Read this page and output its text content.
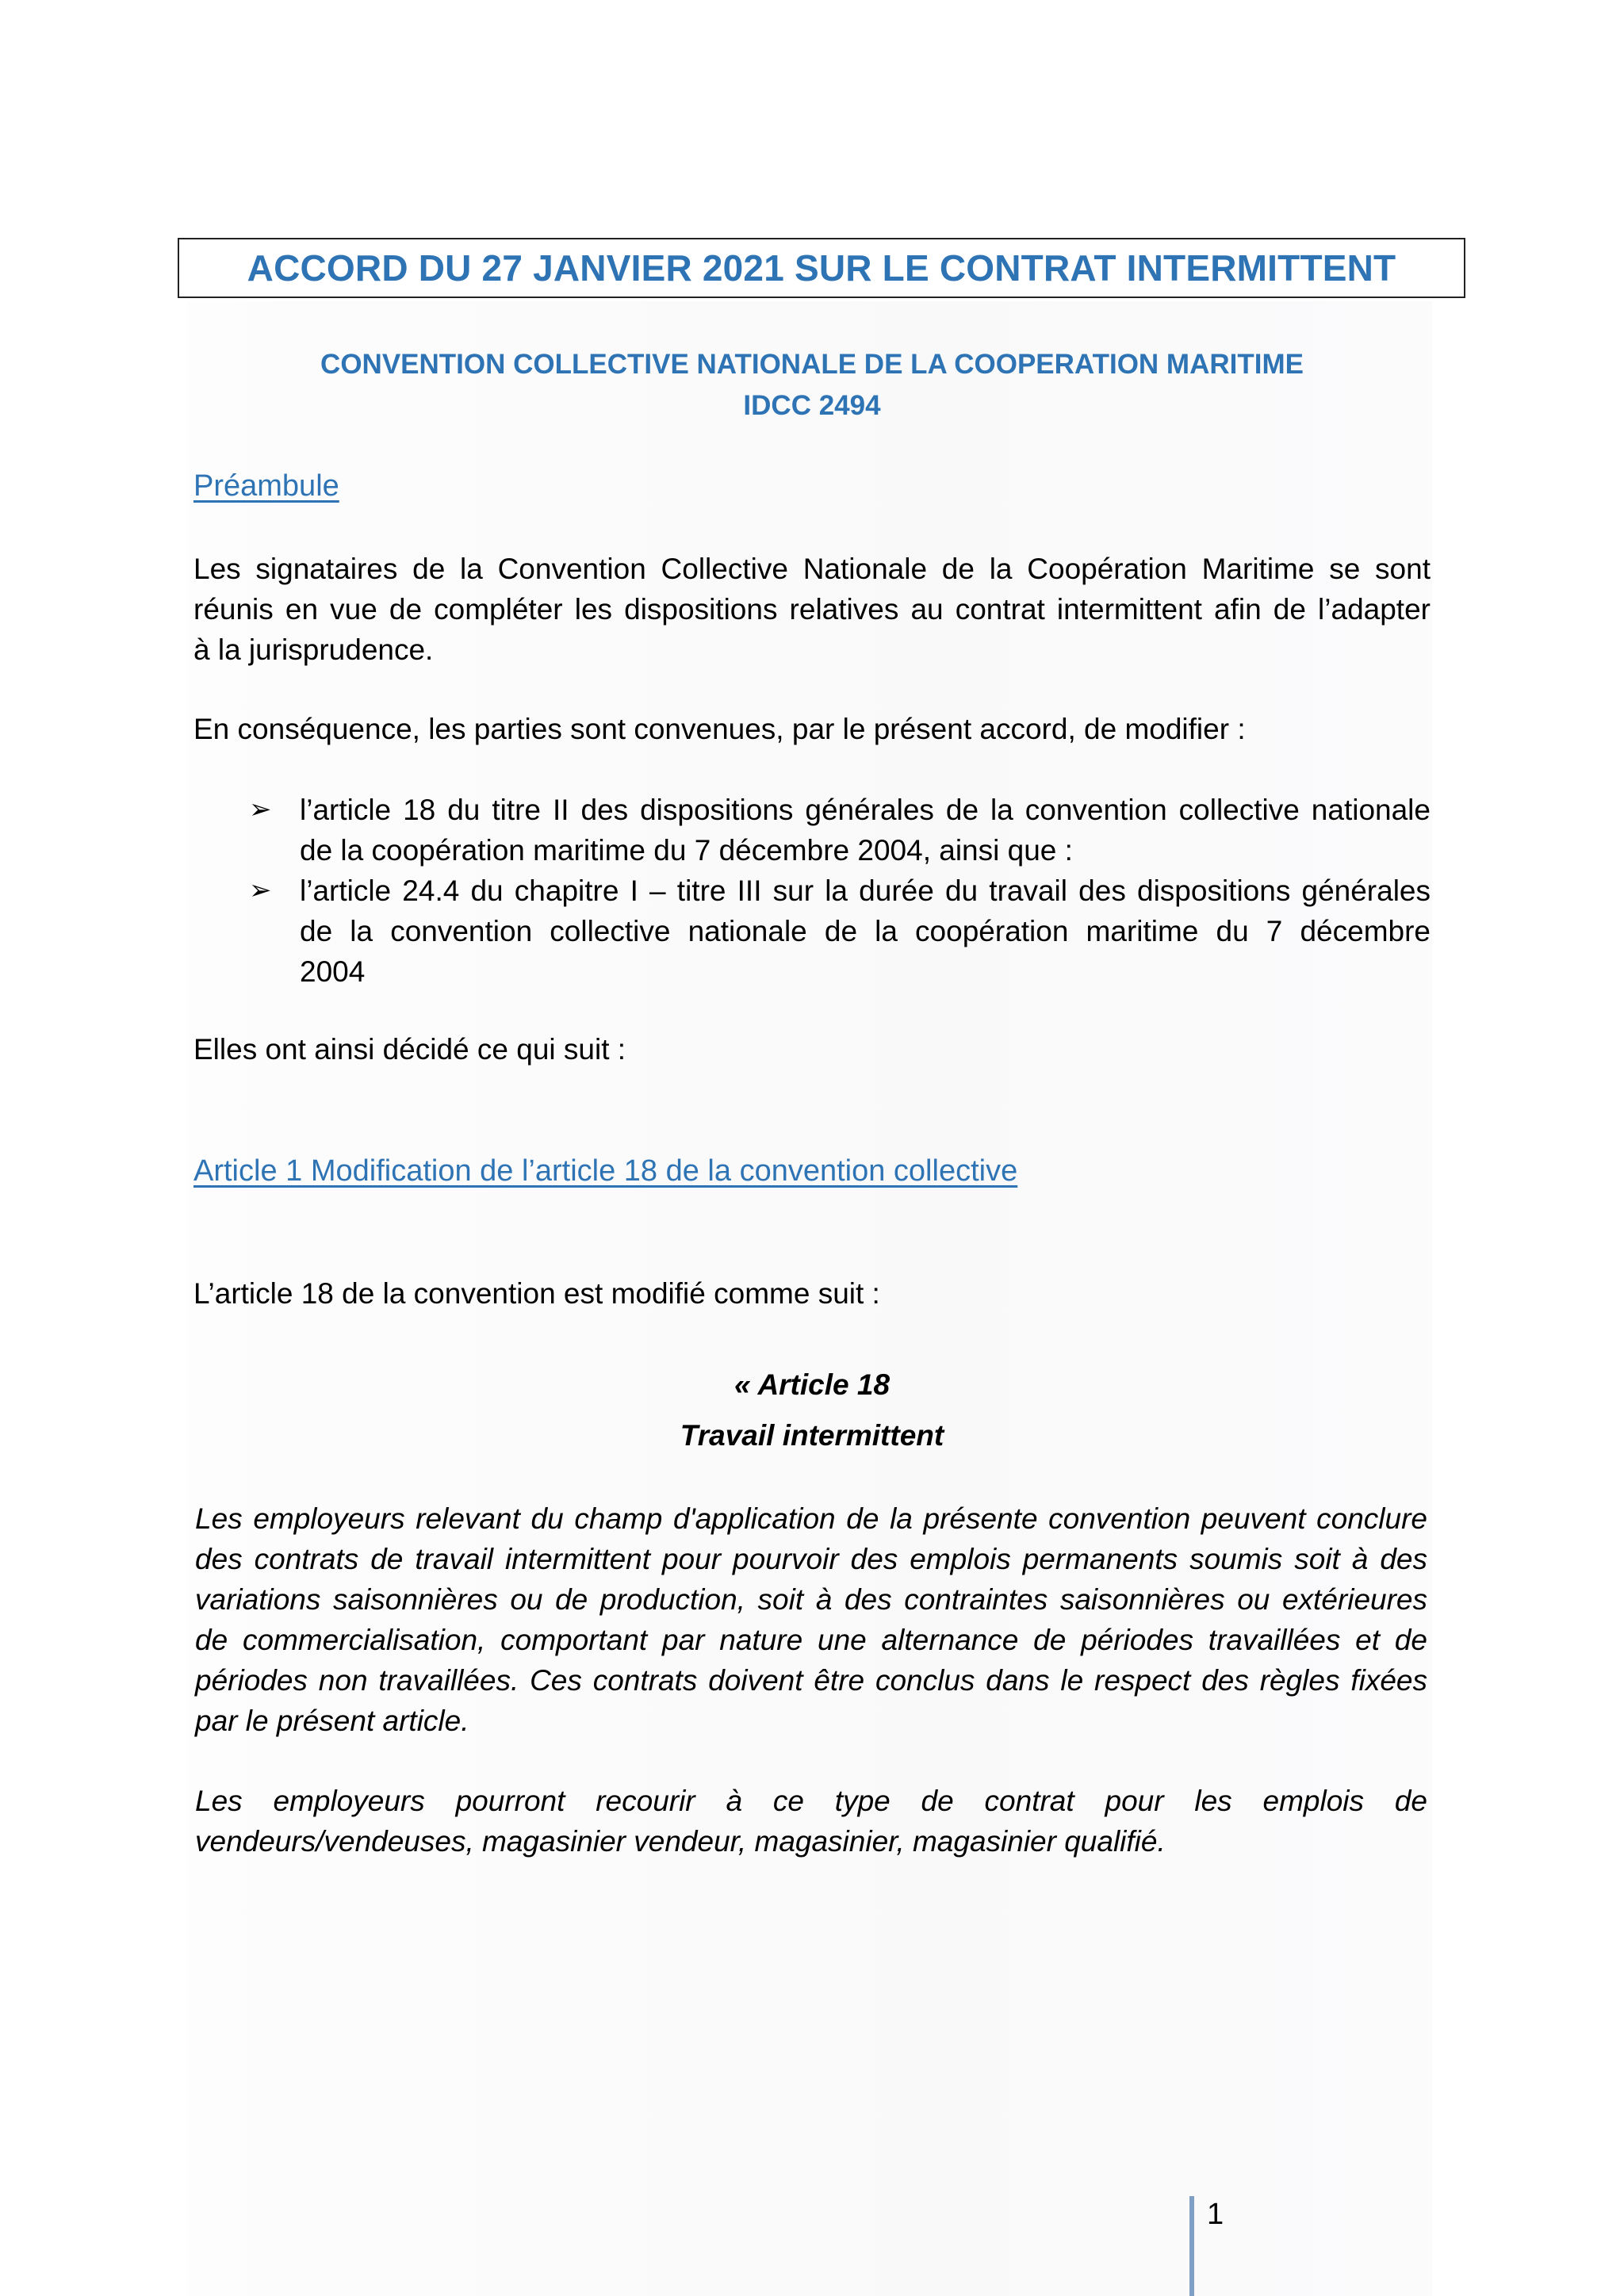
ACCORD DU 27 JANVIER 2021 SUR LE CONTRAT INTERMITTENT
CONVENTION COLLECTIVE NATIONALE DE LA COOPERATION MARITIME
IDCC 2494
Préambule
Les signataires de la Convention Collective Nationale de la Coopération Maritime se sont
réunis en vue de compléter les dispositions relatives au contrat intermittent afin de l’adapter
à la jurisprudence.
En conséquence, les parties sont convenues, par le présent accord, de modifier :
➢ l’article 18 du titre II des dispositions générales de la convention collective nationale
de la coopération maritime du 7 décembre 2004, ainsi que :
➢ l’article 24.4 du chapitre I – titre III sur la durée du travail des dispositions générales
de la convention collective nationale de la coopération maritime du 7 décembre
2004
Elles ont ainsi décidé ce qui suit :
Article 1 Modification de l’article 18 de la convention collective
L’article 18 de la convention est modifié comme suit :
« Article 18
Travail intermittent
Les employeurs relevant du champ d'application de la présente convention peuvent conclure
des contrats de travail intermittent pour pourvoir des emplois permanents soumis soit à des
variations saisonnières ou de production, soit à des contraintes saisonnières ou extérieures
de commercialisation, comportant par nature une alternance de périodes travaillées et de
périodes non travaillées. Ces contrats doivent être conclus dans le respect des règles fixées
par le présent article.
Les employeurs pourront recourir à ce type de contrat pour les emplois de
vendeurs/vendeuses, magasinier vendeur, magasinier, magasinier qualifié.
1
